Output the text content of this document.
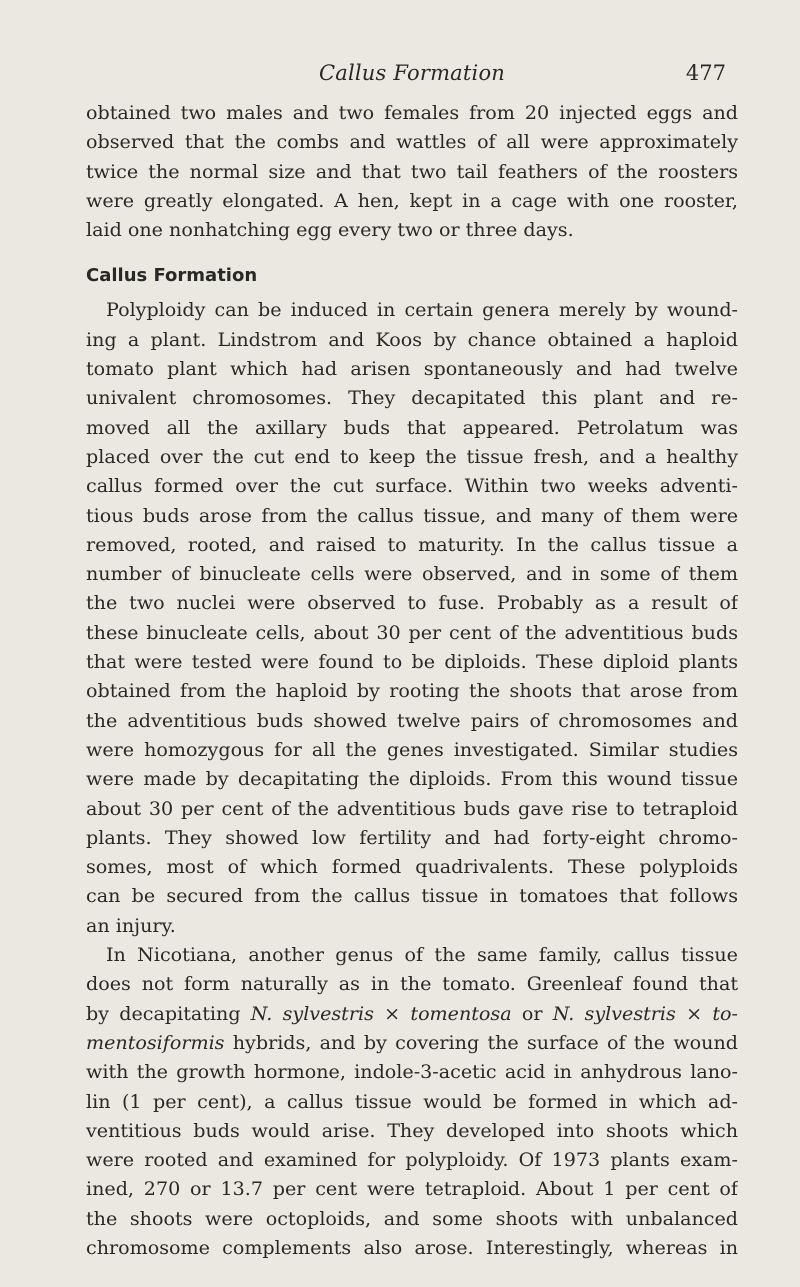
Callus Formation	477
obtained two males and two females from 20 injected eggs and
observed that the combs and wattles of all were approximately
twice the normal size and that two tail feathers of the roosters
were greatly elongated. A hen, kept in a cage with one rooster,
laid one nonhatching egg every two or three days.
Callus Formation
Polyploidy can be induced in certain genera merely by wound-
ing a plant. Lindstrom and Koos by chance obtained a haploid
tomato plant which had arisen spontaneously and had twelve
univalent chromosomes. They decapitated this plant and re-
moved all the axillary buds that appeared. Petrolatum was
placed over the cut end to keep the tissue fresh, and a healthy
callus formed over the cut surface. Within two weeks adventi-
tious buds arose from the callus tissue, and many of them were
removed, rooted, and raised to maturity. In the callus tissue a
number of binucleate cells were observed, and in some of them
the two nuclei were observed to fuse. Probably as a result of
these binucleate cells, about 30 per cent of the adventitious buds
that were tested were found to be diploids. These diploid plants
obtained from the haploid by rooting the shoots that arose from
the adventitious buds showed twelve pairs of chromosomes and
were homozygous for all the genes investigated. Similar studies
were made by decapitating the diploids. From this wound tissue
about 30 per cent of the adventitious buds gave rise to tetraploid
plants. They showed low fertility and had forty-eight chromo-
somes, most of which formed quadrivalents. These polyploids
can be secured from the callus tissue in tomatoes that follows
an injury.
In Nicotiana, another genus of the same family, callus tissue
does not form naturally as in the tomato. Greenleaf found that
by decapitating N. sylvestris × tomentosa or N. sylvestris × to-
mentosiformis hybrids, and by covering the surface of the wound
with the growth hormone, indole-3-acetic acid in anhydrous lano-
lin (1 per cent), a callus tissue would be formed in which ad-
ventitious buds would arise. They developed into shoots which
were rooted and examined for polyploidy. Of 1973 plants exam-
ined, 270 or 13.7 per cent were tetraploid. About 1 per cent of
the shoots were octoploids, and some shoots with unbalanced
chromosome complements also arose. Interestingly, whereas in
